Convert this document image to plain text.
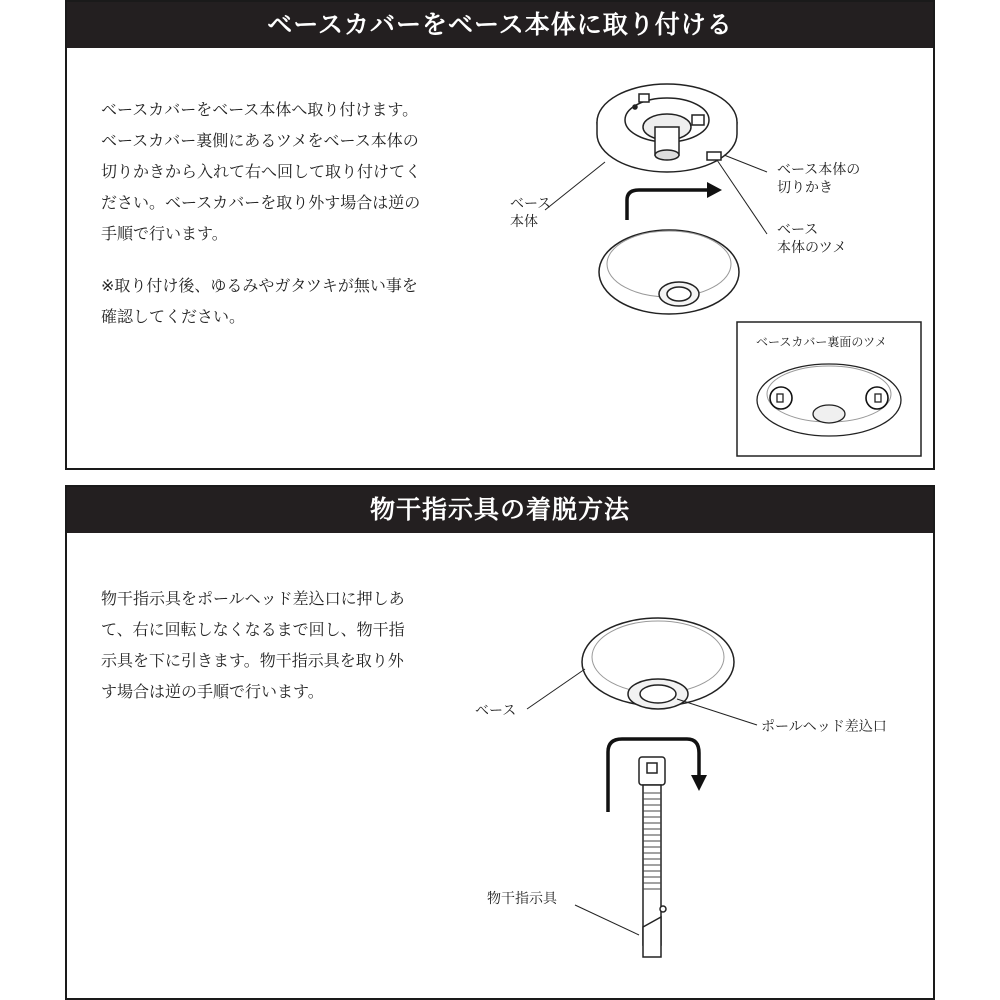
ベースカバーをベース本体に取り付ける
ベースカバーをベース本体へ取り付けます。
ベースカバー裏側にあるツメをベース本体の
切りかきから入れて右へ回して取り付けてく
ださい。ベースカバーを取り外す場合は逆の
手順で行います。
※取り付け後、ゆるみやガタツキが無い事を
確認してください。
ベース
本体
ベース本体の
切りかき
ベース
本体のツメ
ベースカバー裏面のツメ
物干指示具の着脱方法
物干指示具をポールヘッド差込口に押しあ
て、右に回転しなくなるまで回し、物干指
示具を下に引きます。物干指示具を取り外
す場合は逆の手順で行います。
ベース
ポールヘッド差込口
物干指示具
